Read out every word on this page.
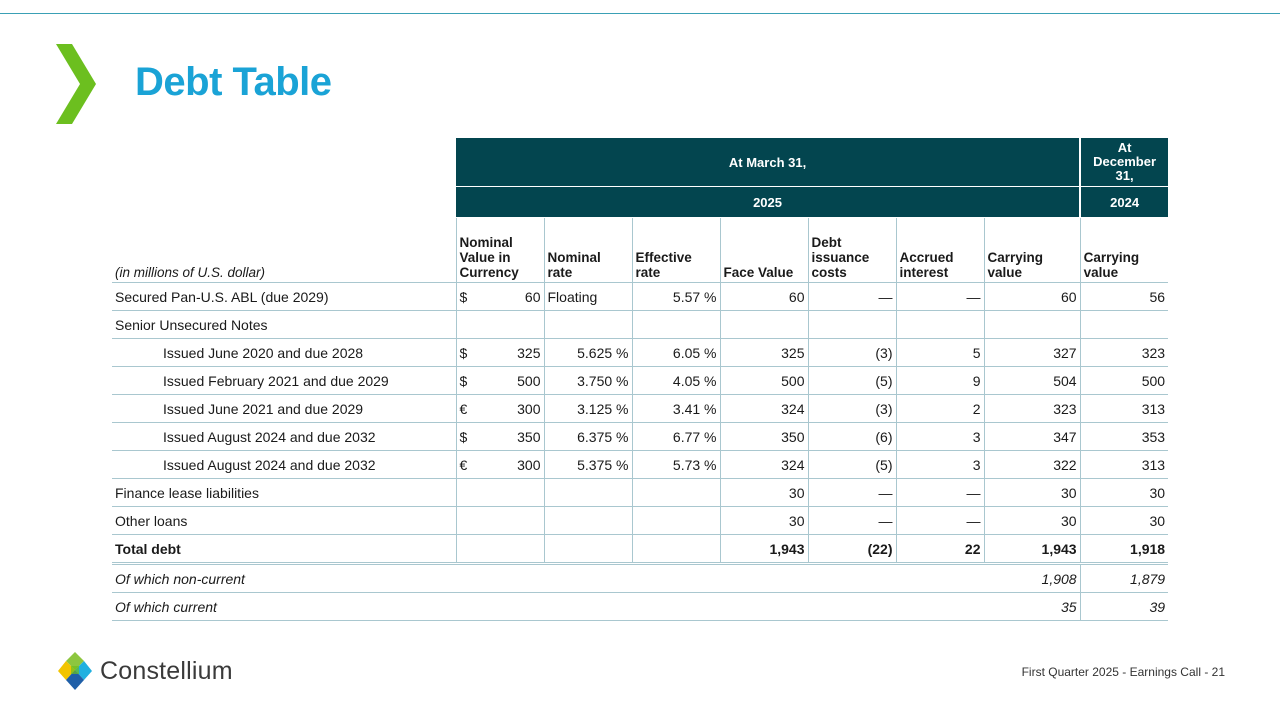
Debt Table
	At March 31,							At December 31,
	2025							2024
(in millions of U.S. dollar)	Nominal Value in Currency	Nominal rate	Effective rate	Face Value	Debt issuance costs	Accrued interest	Carrying value	Carrying value
Secured Pan-U.S. ABL (due 2029)	$ 60	Floating	5.57 %	60	—	—	60	56
Senior Unsecured Notes	

Issued June 2020 and due 2028	$ 325	5.625 %	6.05 %	325	(3)	5	327	323
Issued February 2021 and due 2029	$ 500	3.750 %	4.05 %	500	(5)	9	504	500
Issued June 2021 and due 2029	€ 300	3.125 %	3.41 %	324	(3)	2	323	313
Issued August 2024 and due 2032	$ 350	6.375 %	6.77 %	350	(6)	3	347	353
Issued August 2024 and due 2032	€ 300	5.375 %	5.73 %	324	(5)	3	322	313
Finance lease liabilities				30	—	—	30	30
Other loans				30	—	—	30	30
Total debt				1,943	(22)	22	1,943	1,918
Of which non-current							1,908	1,879
Of which current							35	39
Constellium	First Quarter 2025 - Earnings Call - 21
